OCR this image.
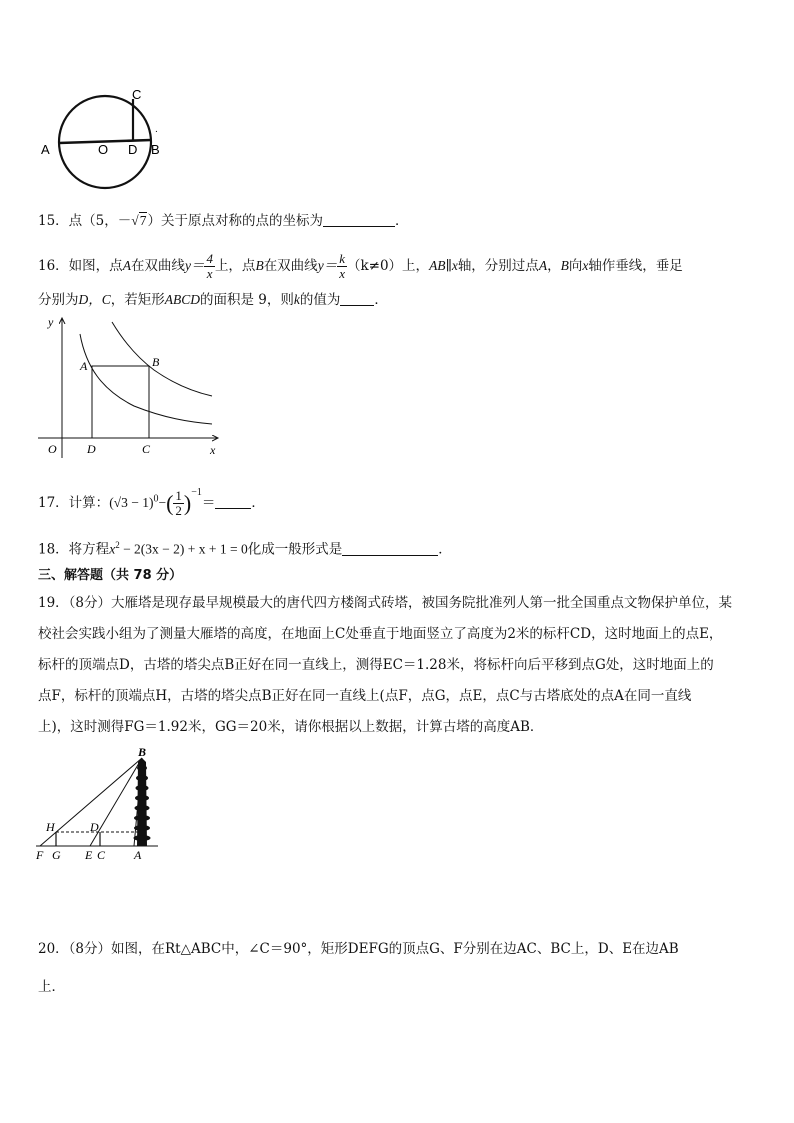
A	O D B
C
.
15．点（5，－√7）关于原点对称的点的坐标为	．
16．如图，点A在双曲线$y= \frac{4}{x}$ 上，点B在双曲线$y= \frac{k}{x} (k\ne 0)$上，AB∥x轴，分别过点A，B向x轴作垂线，垂足
分别为D，C，若矩形ABCD的面积是 9，则k的值为	．
y
x
O
A	B
D	C
17．计算：$(√3 - 1)^0-( \frac{1}{2} )^{-1}=$	．
18．将方程$x^2 - 2(3x - 2) + x + 1 = 0$化成一般形式是	．
三、解答题（共 78 分）
19．（8分）大雁塔是现存最早规模最大的唐代四方楼阁式砖塔，被国务院批准列人第一批全国重点文物保护单位，某
校社会实践小组为了测量大雁塔的高度，在地面上C处垂直于地面竖立了高度为2米的标杆CD，这时地面上的点E，
标杆的顶端点D，古塔的塔尖点B正好在同一直线上，测得EC＝1.28米，将标杆向后平移到点G处，这时地面上的
点F，标杆的顶端点H，古塔的塔尖点B正好在同一直线上(点F，点G，点E，点C与古塔底处的点A在同一直线
上)，这时测得FG＝1.92米，GG＝20米，请你根据以上数据，计算古塔的高度AB．
B
H	D
F G E C A
20．（8分）如图，在Rt△ABC中，∠C＝90°，矩形DEFG的顶点G、F分别在边AC、BC上，D、E在边AB
上．
